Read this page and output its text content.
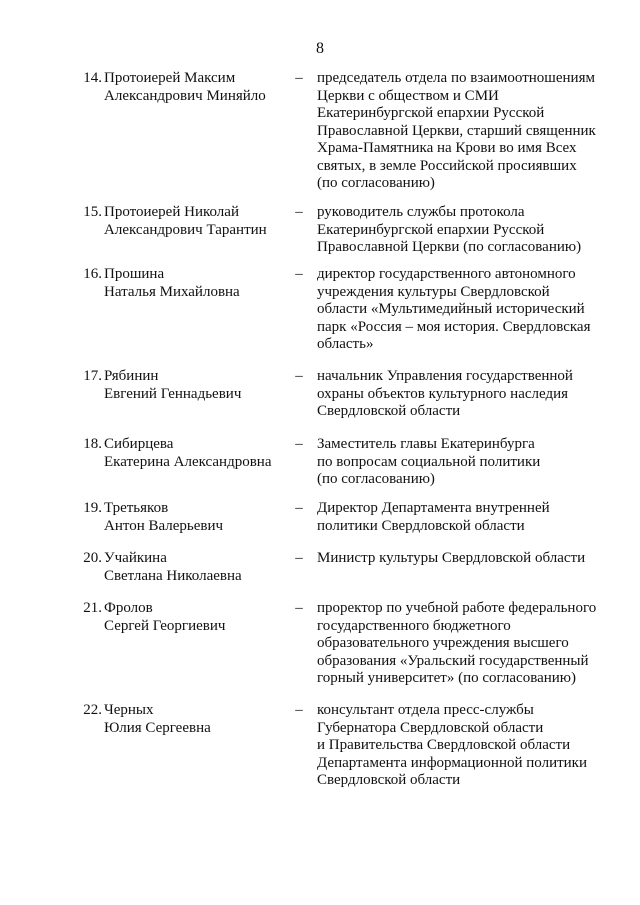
8
14. Протоиерей Максим
Александрович Миняйло
– председатель отдела по взаимоотношениям
Церкви с обществом и СМИ
Екатеринбургской епархии Русской
Православной Церкви, старший священник
Храма-Памятника на Крови во имя Всех
святых, в земле Российской просиявших
(по согласованию)
15. Протоиерей Николай
Александрович Тарантин
– руководитель службы протокола
Екатеринбургской епархии Русской
Православной Церкви (по согласованию)
16. Прошина
Наталья Михайловна
– директор государственного автономного
учреждения культуры Свердловской
области «Мультимедийный исторический
парк «Россия – моя история. Свердловская
область»
17. Рябинин
Евгений Геннадьевич
– начальник Управления государственной
охраны объектов культурного наследия
Свердловской области
18. Сибирцева
Екатерина Александровна
– Заместитель главы Екатеринбурга
по вопросам социальной политики
(по согласованию)
19. Третьяков
Антон Валерьевич
– Директор Департамента внутренней
политики Свердловской области
20. Учайкина
Светлана Николаевна
– Министр культуры Свердловской области
21. Фролов
Сергей Георгиевич
– проректор по учебной работе федерального
государственного бюджетного
образовательного учреждения высшего
образования «Уральский государственный
горный университет» (по согласованию)
22. Черных
Юлия Сергеевна
– консультант отдела пресс-службы
Губернатора Свердловской области
и Правительства Свердловской области
Департамента информационной политики
Свердловской области
